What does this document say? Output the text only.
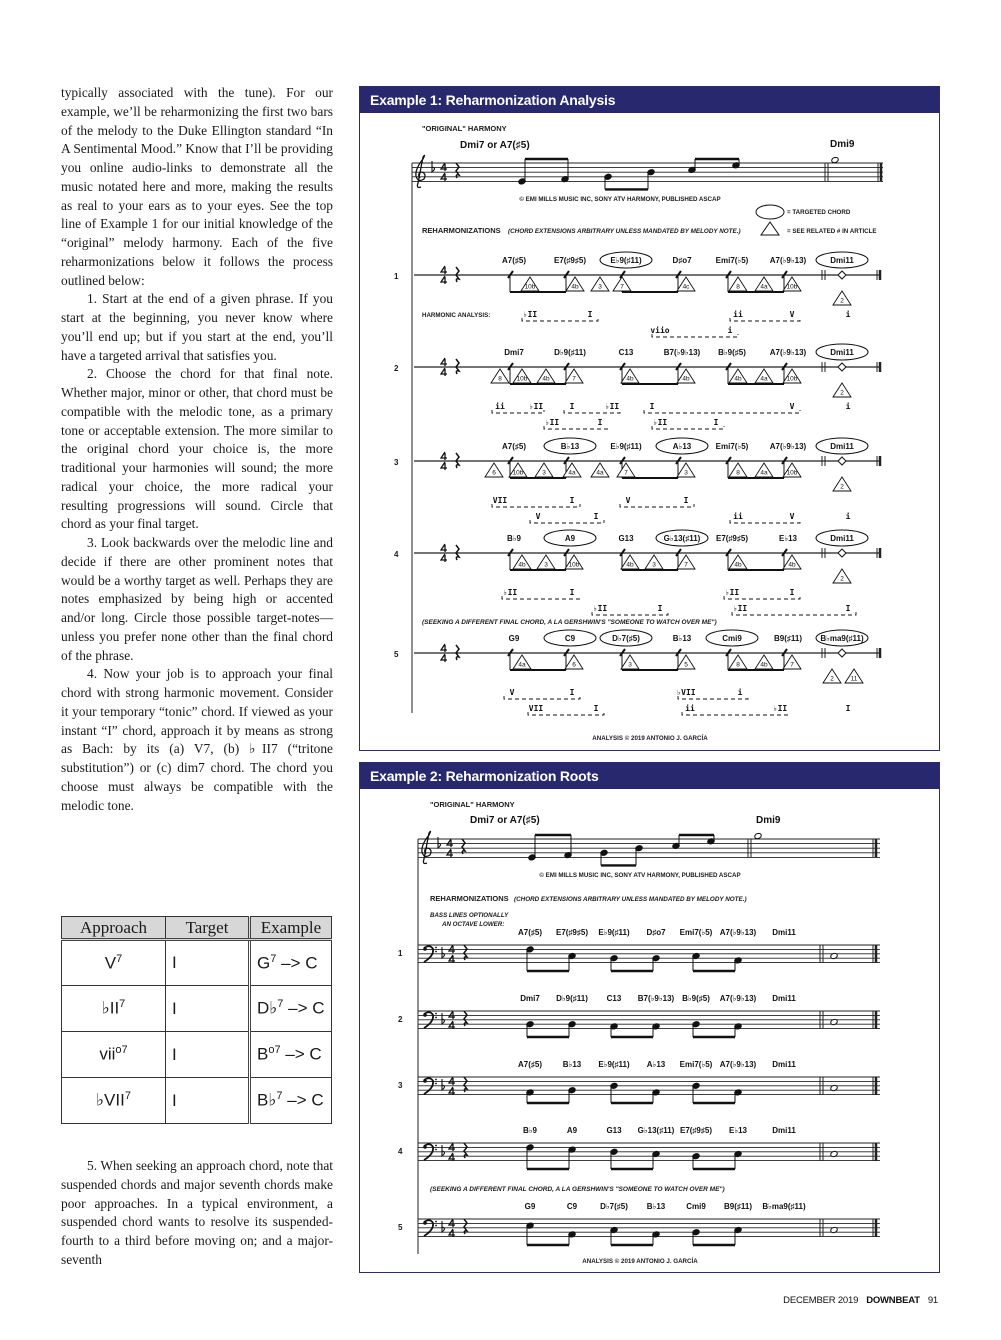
typically associated with the tune). For our example, we’ll be reharmonizing the first two bars of the melody to the Duke Ellington standard “In A Sentimental Mood.” Know that I’ll be providing you online audio-links to demonstrate all the music notated here and more, making the results as real to your ears as to your eyes. See the top line of Example 1 for our initial knowledge of the “original” melody harmony. Each of the five reharmonizations below it follows the process outlined below:

1. Start at the end of a given phrase. If you start at the beginning, you never know where you’ll end up; but if you start at the end, you’ll have a targeted arrival that satisfies you.

2. Choose the chord for that final note. Whether major, minor or other, that chord must be compatible with the melodic tone, as a primary tone or acceptable extension. The more similar to the original chord your choice is, the more traditional your harmonies will sound; the more radical your choice, the more radical your resulting progressions will sound. Circle that chord as your final target.

3. Look backwards over the melodic line and decide if there are other prominent notes that would be a worthy target as well. Perhaps they are notes emphasized by being high or accented and/or long. Circle those possible target-notes—unless you prefer none other than the final chord of the phrase.

4. Now your job is to approach your final chord with strong harmonic movement. Consider it your temporary “tonic” chord. If viewed as your instant “I” chord, approach it by means as strong as Bach: by its (a) V7, (b) ♭II7 (“tritone substitution”) or (c) dim7 chord. The chord you choose must always be compatible with the melodic tone.

Approach	Target	Example
$V^7$	I	$G^7 -> C$
$♭II^7$	I	D♭$^7$ –> C
vii$^{o7}$	I	$B^{o7} -> C$
♭VII$^7$	I	B♭$^7$ –> C

5. When seeking an approach chord, note that suspended chords and major seventh chords make poor approaches. In a typical environment, a suspended chord wants to resolve its suspended-fourth to a third before moving on; and a major-seventh

Example 1: Reharmonization Analysis
"ORIGINAL" HARMONY
Dmi7 or A7(♯5)	Dmi9
© EMI MILLS MUSIC INC, SONY ATV HARMONY, PUBLISHED ASCAP
= TARGETED CHORD
= SEE RELATED # IN ARTICLE
REHARMONIZATIONS (CHORD EXTENSIONS ARBITRARY UNLESS MANDATED BY MELODY NOTE.)
1
A7(♯5)	E7(♯9♯5)	E♭9(♯11)	D♯o7	Emi7(♭5)	A7(♭9♭13)	Dmi11
10b	4b	3	7	4c	8	4a	10b
2
♭II	I	ii	V	i
viio	i
2
Dmi7	D♭9(♯11)	C13	B7(♭9♭13) B♭9(♯5)	A7(♭9♭13)	Dmi11
8 10b 4b	7	4b	4b	4b	4a	10b
2
ii	♭II	I	♭II	I	V	i
♭II	I	♭II	I
3
A7(♯5)	B♭13	E♭9(♯11)	A♭13	Emi7(♭5)	A7(♭9♭13)	Dmi11
6	10b	3	4a	4a	7	3	8	4a	10b
2
VII	I	V	I
V	I	ii	V	i
4
B♭9	A9	G13	G♭13(♯11) E7(♯9♯5)	E♭13	Dmi11
4b	3	10b	4b	3	7	4b	4b
2
♭II	I	♭II	I
♭II	I	♭II	I
5
G9	C9	D♭7(♯5)	B♭13	Cmi9	B9(♯11) B♭ma9(♯11)
4a	6	3	5	8	4b	7
2	11
V	I	♭VII	i
VII	I	ii	♭II	I
HARMONIC ANALYSIS:
(SEEKING A DIFFERENT FINAL CHORD, A LA GERSHWIN'S "SOMEONE TO WATCH OVER ME")
ANALYSIS © 2019 ANTONIO J. GARCÍA
Example 2: Reharmonization Roots
"ORIGINAL" HARMONY
Dmi7 or A7(♯5)	Dmi9
© EMI MILLS MUSIC INC, SONY ATV HARMONY, PUBLISHED ASCAP
REHARMONIZATIONS (CHORD EXTENSIONS ARBITRARY UNLESS MANDATED BY MELODY NOTE.)
BASS LINES OPTIONALLY
AN OCTAVE LOWER:
1
A7(♯5) E7(♯9♯5) E♭9(♯11) D♯o7 Emi7(♭5) A7(♭9♭13) Dmi11
2
Dmi7 D♭9(♯11) C13 B7(♭9♭13) B♭9(♯5) A7(♭9♭13) Dmi11
3
A7(♯5)	B♭13 E♭9(♯11) A♭13 Emi7(♭5) A7(♭9♭13) Dmi11
4
B♭9	A9	G13 G♭13(♯11) E7(♯9♯5) E♭13	Dmi11
5
G9	C9	D♭7(♯5) B♭13	Cmi9 B9(♯11) B♭ma9(♯11)
(SEEKING A DIFFERENT FINAL CHORD, A LA GERSHWIN'S "SOMEONE TO WATCH OVER ME")
ANALYSIS © 2019 ANTONIO J. GARCÍA
DECEMBER 2019 DOWNBEAT 91
